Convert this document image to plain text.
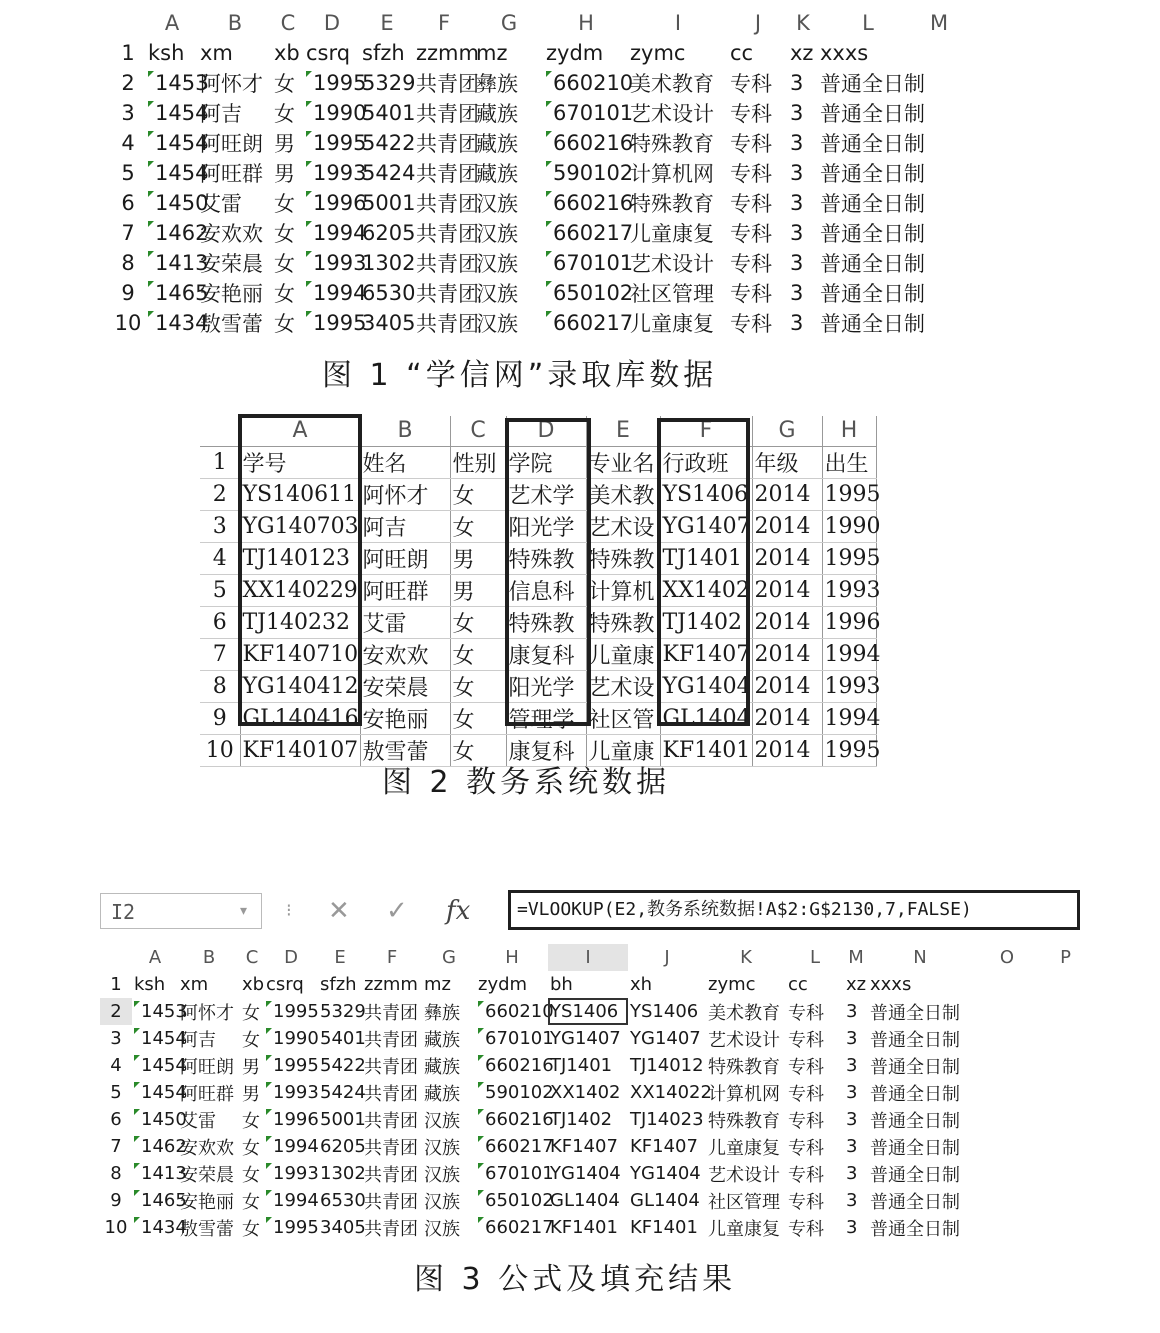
	A	B	C	D	E	F	G	H	I	J	K	L	M
1	ksh	xm	xb	csrq	sfzh	zzmm	mz	zydm	zymc	cc	xz	xxxs	
2	1453	阿怀才	女	1995	5329	共青团	彝族	660210	美术教育	专科	3	普通全日制	
3	1454	阿吉	女	1990	5401	共青团	藏族	670101	艺术设计	专科	3	普通全日制	
4	1454	阿旺朗	男	1995	5422	共青团	藏族	660216	特殊教育	专科	3	普通全日制	
5	1454	阿旺群	男	1993	5424	共青团	藏族	590102	计算机网	专科	3	普通全日制	
6	1450	艾雷	女	1996	5001	共青团	汉族	660216	特殊教育	专科	3	普通全日制	
7	1462	安欢欢	女	1994	6205	共青团	汉族	660217	儿童康复	专科	3	普通全日制	
8	1413	安荣晨	女	1993	1302	共青团	汉族	670101	艺术设计	专科	3	普通全日制	
9	1465	安艳丽	女	1994	6530	共青团	汉族	650102	社区管理	专科	3	普通全日制	
10	1434	敖雪蕾	女	1995	3405	共青团	汉族	660217	儿童康复	专科	3	普通全日制	
图 1 “学信网”录取库数据
	A	B	C	D	E	F	G	H
1	学号	姓名	性别	学院	专业名	行政班	年级	出生
2	YS140611	阿怀才	女	艺术学	美术教	YS1406	2014	1995
3	YG140703	阿吉	女	阳光学	艺术设	YG1407	2014	1990
4	TJ140123	阿旺朗	男	特殊教	特殊教	TJ1401	2014	1995
5	XX140229	阿旺群	男	信息科	计算机	XX1402	2014	1993
6	TJ140232	艾雷	女	特殊教	特殊教	TJ1402	2014	1996
7	KF140710	安欢欢	女	康复科	儿童康	KF1407	2014	1994
8	YG140412	安荣晨	女	阳光学	艺术设	YG1404	2014	1993
9	GL140416	安艳丽	女	管理学	社区管	GL1404	2014	1994
10	KF140107	敖雪蕾	女	康复科	儿童康	KF1401	2014	1995
图 2 教务系统数据
I2	▾ ⁝ ✕ ✓ fx	=VLOOKUP(E2,教务系统数据!A$2:G$2130,7,FALSE)
	A	B	C	D	E	F	G	H	I	J	K	L	M	N	O	P
1	ksh	xm	xb	csrq	sfzh	zzmm	mz	zydm	bh	xh	zymc	cc	xz	xxxs		
2	1453	阿怀才	女	1995	5329	共青团	彝族	660210	YS1406	YS1406	美术教育	专科	3	普通全日制		
3	1454	阿吉	女	1990	5401	共青团	藏族	670101	YG1407	YG1407	艺术设计	专科	3	普通全日制		
4	1454	阿旺朗	男	1995	5422	共青团	藏族	660216	TJ1401	TJ14012	特殊教育	专科	3	普通全日制		
5	1454	阿旺群	男	1993	5424	共青团	藏族	590102	XX1402	XX14022	计算机网	专科	3	普通全日制		
6	1450	艾雷	女	1996	5001	共青团	汉族	660216	TJ1402	TJ14023	特殊教育	专科	3	普通全日制		
7	1462	安欢欢	女	1994	6205	共青团	汉族	660217	KF1407	KF1407	儿童康复	专科	3	普通全日制		
8	1413	安荣晨	女	1993	1302	共青团	汉族	670101	YG1404	YG1404	艺术设计	专科	3	普通全日制		
9	1465	安艳丽	女	1994	6530	共青团	汉族	650102	GL1404	GL1404	社区管理	专科	3	普通全日制		
10	1434	敖雪蕾	女	1995	3405	共青团	汉族	660217	KF1401	KF1401	儿童康复	专科	3	普通全日制		
图 3 公式及填充结果
